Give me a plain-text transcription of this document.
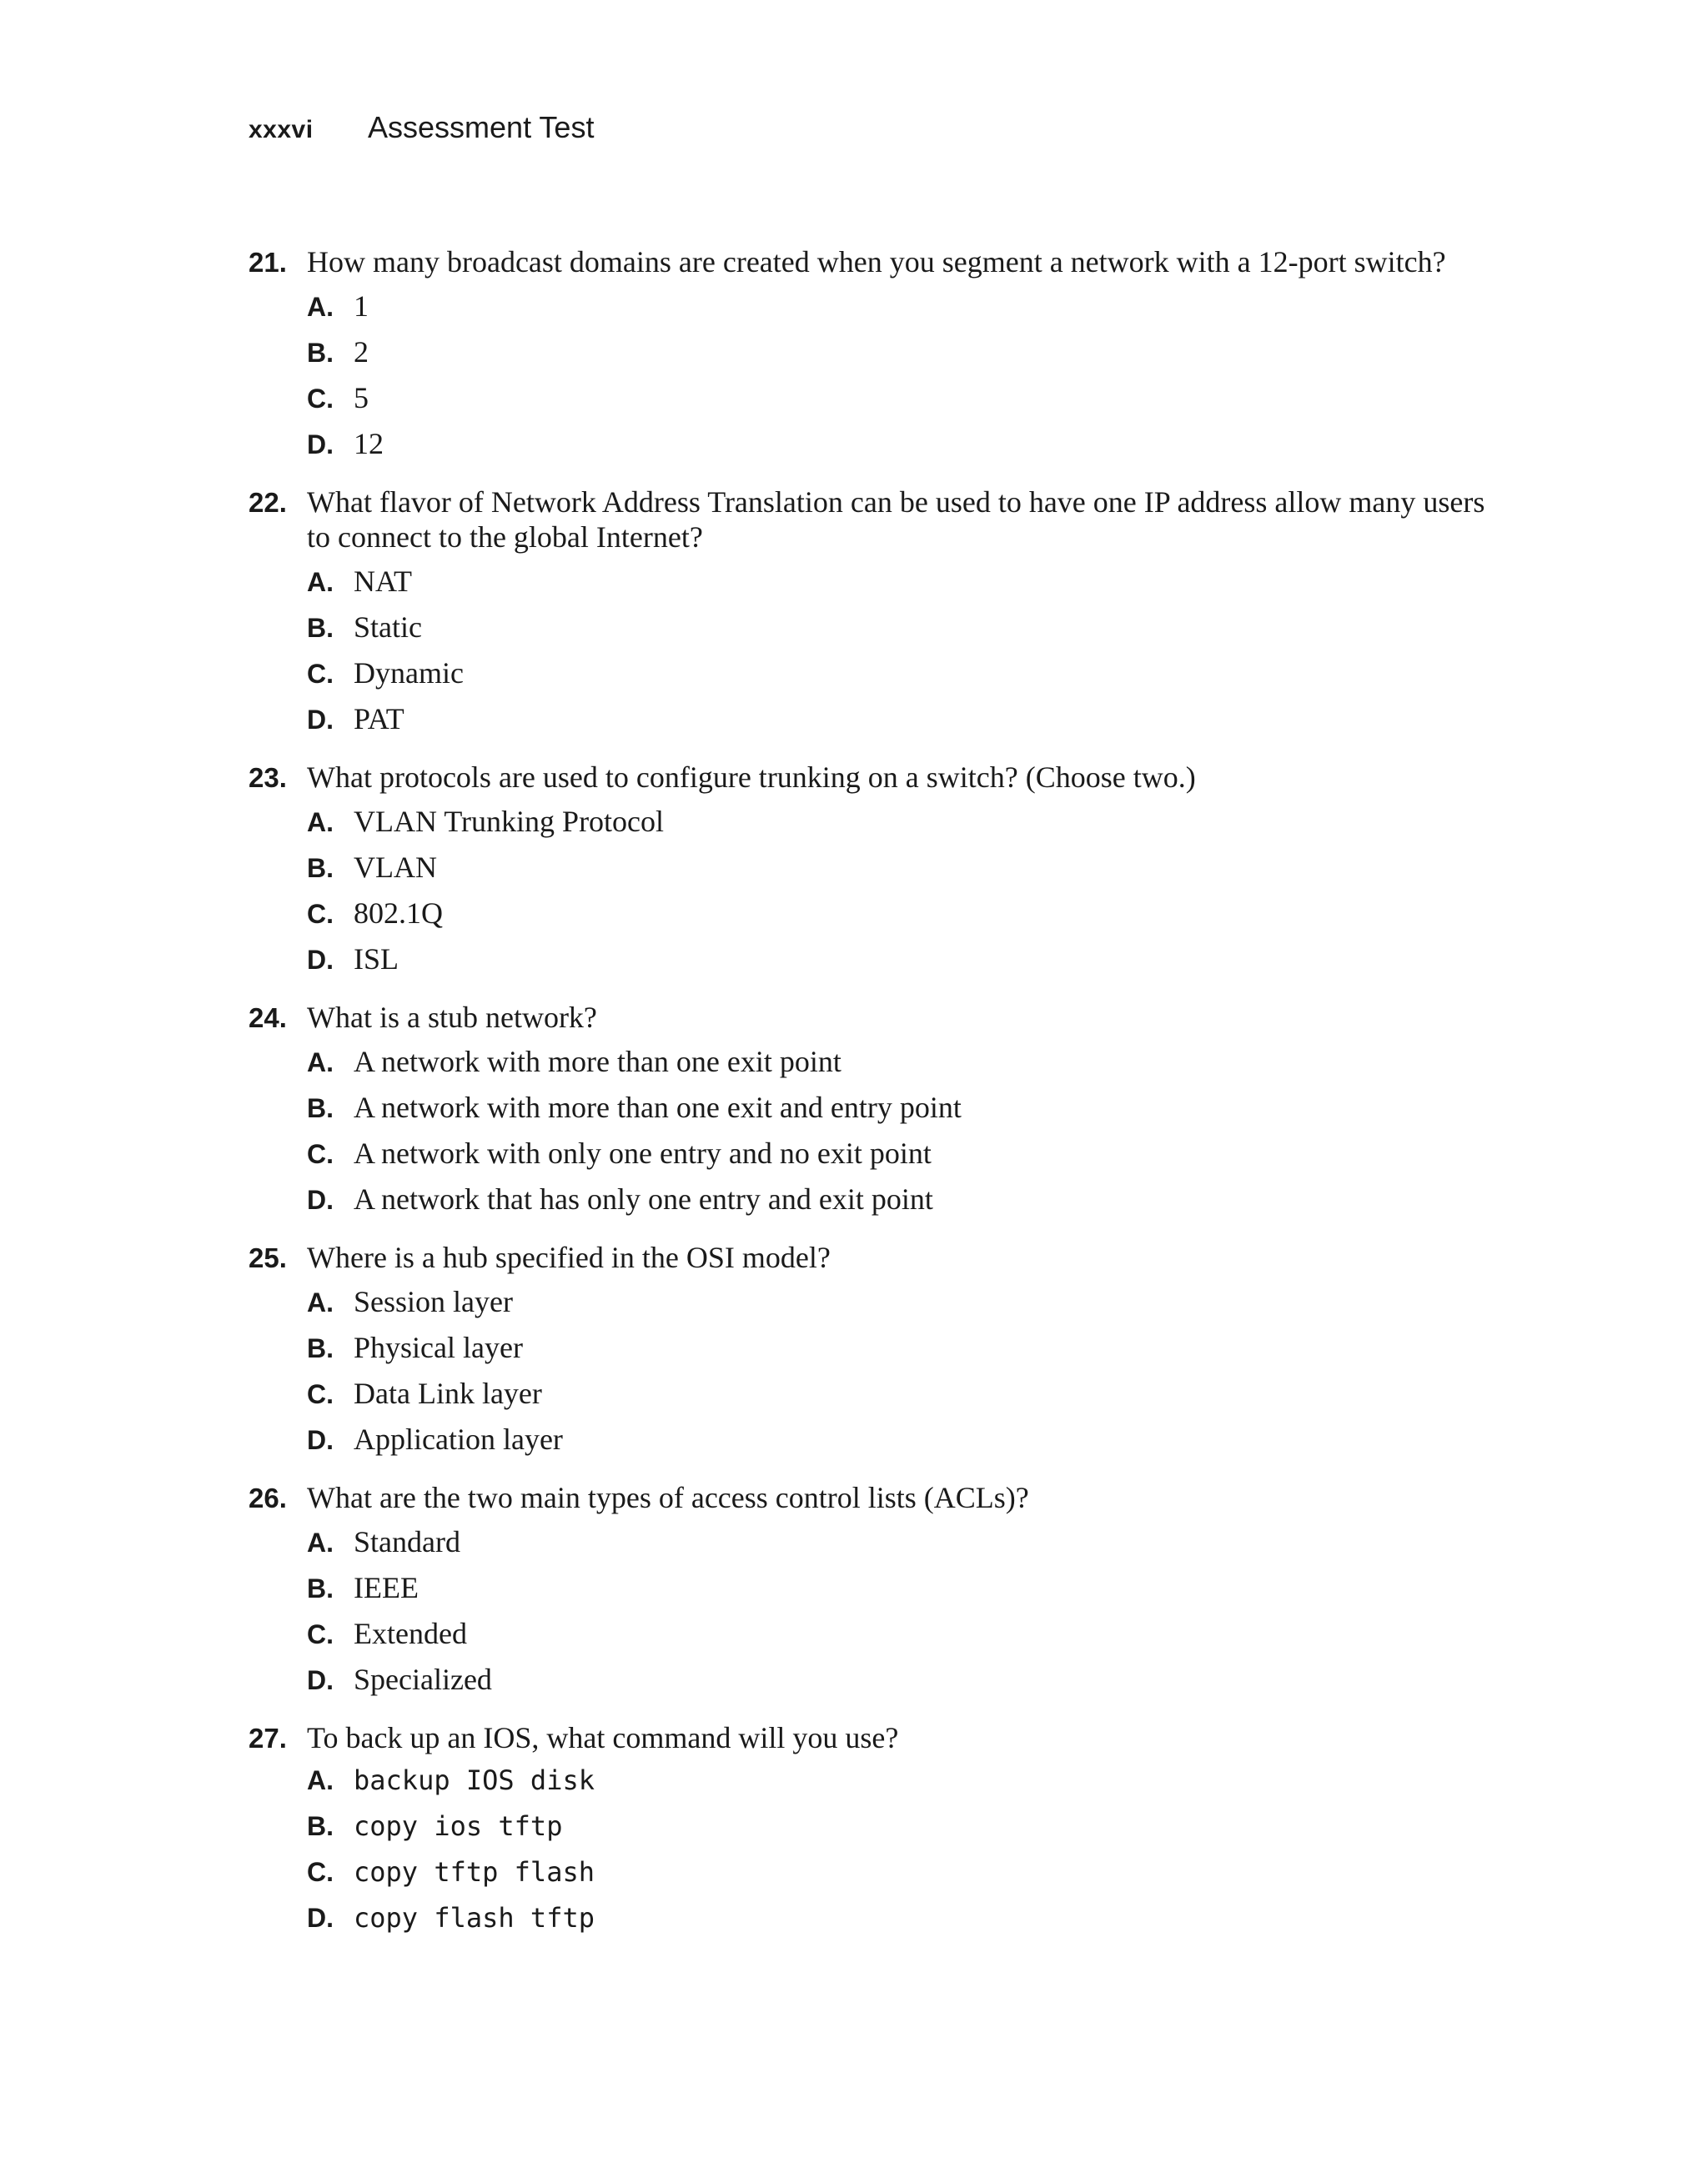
xxxvi	Assessment Test
21. How many broadcast domains are created when you segment a network with a 12-port switch?
A. 1
B. 2
C. 5
D. 12
22. What flavor of Network Address Translation can be used to have one IP address allow many users to connect to the global Internet?
A. NAT
B. Static
C. Dynamic
D. PAT
23. What protocols are used to configure trunking on a switch? (Choose two.)
A. VLAN Trunking Protocol
B. VLAN
C. 802.1Q
D. ISL
24. What is a stub network?
A. A network with more than one exit point
B. A network with more than one exit and entry point
C. A network with only one entry and no exit point
D. A network that has only one entry and exit point
25. Where is a hub specified in the OSI model?
A. Session layer
B. Physical layer
C. Data Link layer
D. Application layer
26. What are the two main types of access control lists (ACLs)?
A. Standard
B. IEEE
C. Extended
D. Specialized
27. To back up an IOS, what command will you use?
A. backup IOS disk
B. copy ios tftp
C. copy tftp flash
D. copy flash tftp
